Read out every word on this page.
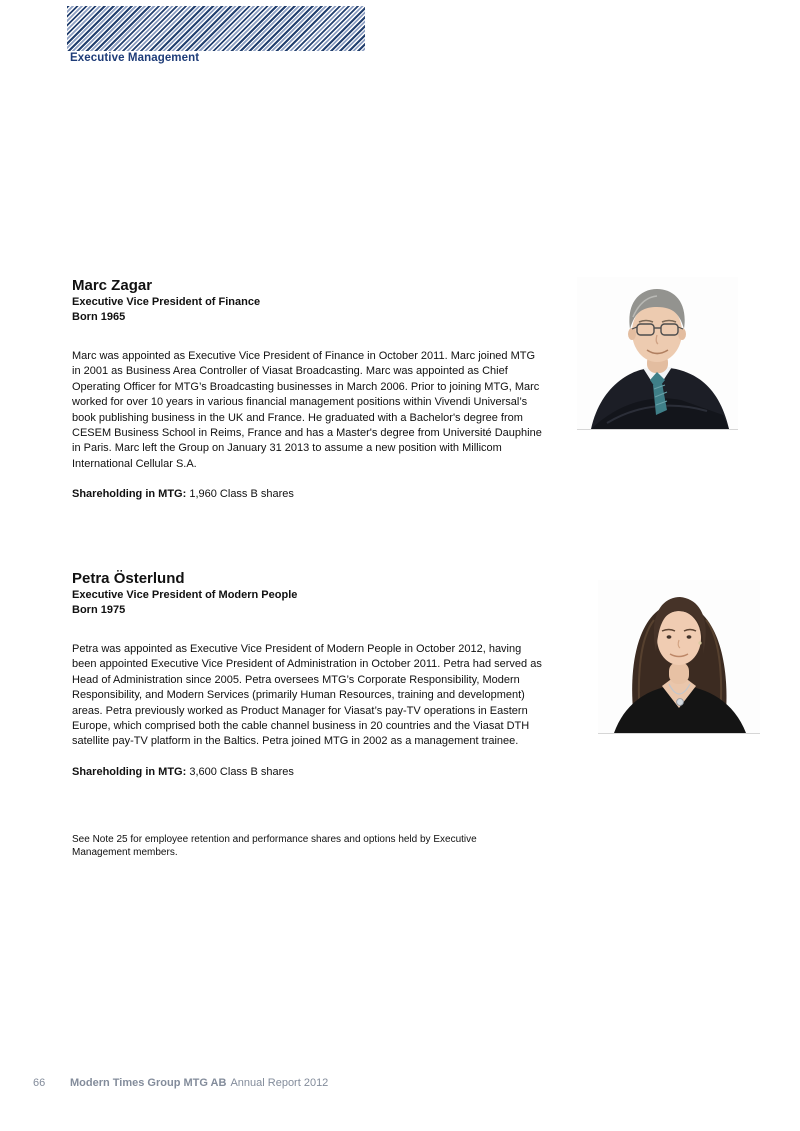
Executive Management
Marc Zagar
Executive Vice President of Finance
Born 1965
Marc was appointed as Executive Vice President of Finance in October 2011. Marc joined MTG in 2001 as Business Area Controller of Viasat Broadcasting. Marc was appointed as Chief Operating Officer for MTG’s Broadcasting businesses in March 2006. Prior to joining MTG, Marc worked for over 10 years in various financial management positions within Vivendi Universal’s book publishing business in the UK and France. He graduated with a Bachelor's degree from CESEM Business School in Reims, France and has a Master's degree from Université Dauphine in Paris. Marc left the Group on January 31 2013 to assume a new position with Millicom International Cellular S.A.
Shareholding in MTG: 1,960 Class B shares
Petra Österlund
Executive Vice President of Modern People
Born 1975
Petra was appointed as Executive Vice President of Modern People in October 2012, having been appointed Executive Vice President of Administration in October 2011. Petra had served as Head of Administration since 2005. Petra oversees MTG’s Corporate Responsibility, Modern Responsibility, and Modern Services (primarily Human Resources, training and development) areas. Petra previously worked as Product Manager for Viasat’s pay-TV operations in Eastern Europe, which comprised both the cable channel business in 20 countries and the Viasat DTH satellite pay-TV platform in the Baltics. Petra joined MTG in 2002 as a management trainee.
Shareholding in MTG: 3,600 Class B shares
See Note 25 for employee retention and performance shares and options held by Executive Management members.
66 Modern Times Group MTG AB Annual Report 2012
